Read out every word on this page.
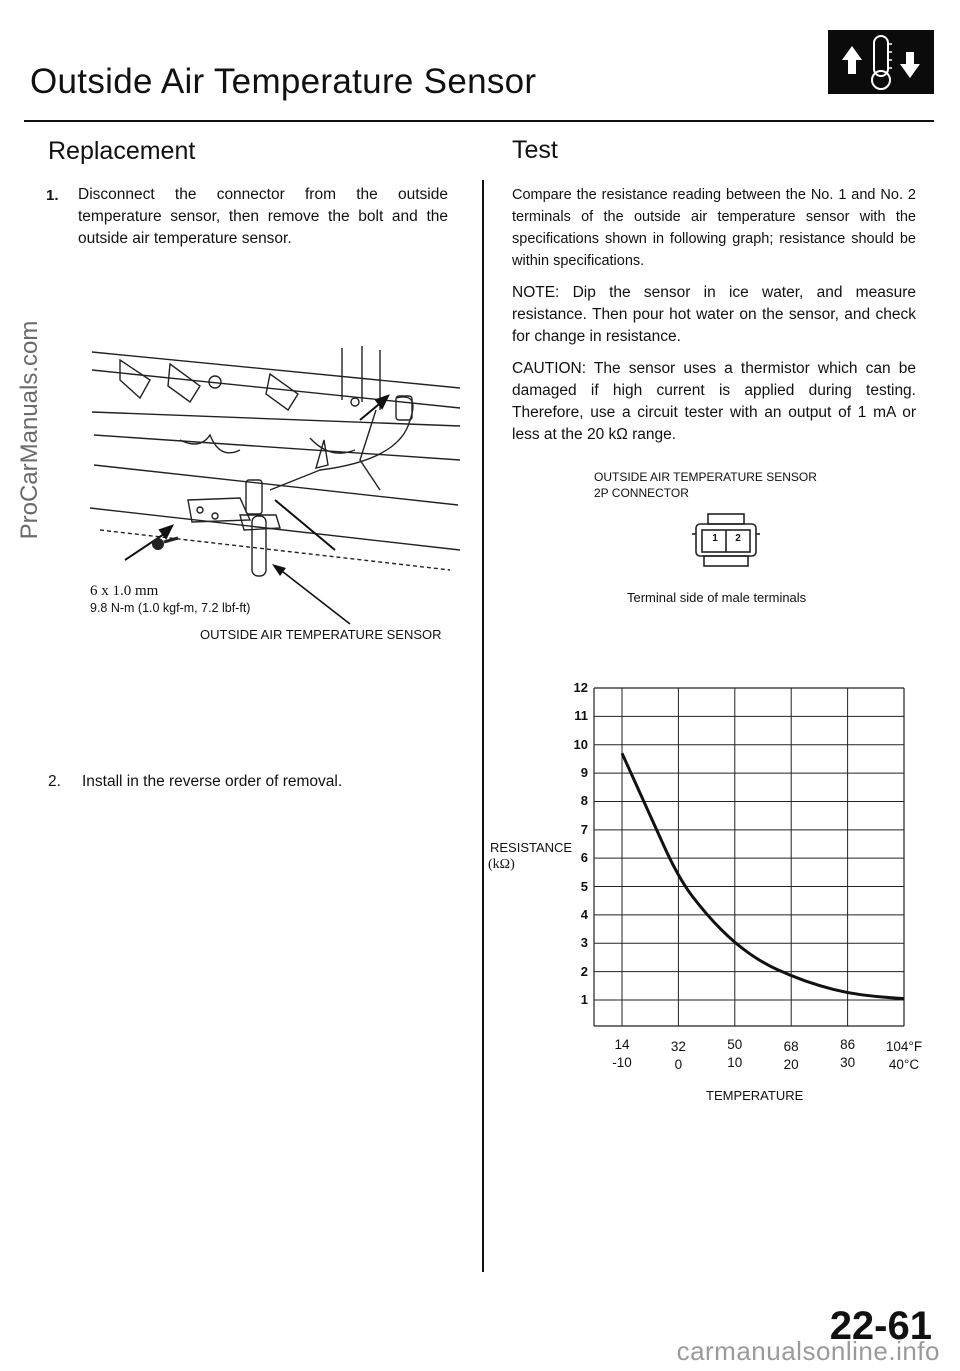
Outside Air Temperature Sensor
Replacement
1. Disconnect the connector from the outside temperature sensor, then remove the bolt and the outside air temperature sensor.
6 x 1.0 mm
9.8 N-m (1.0 kgf-m, 7.2 lbf-ft)
OUTSIDE AIR TEMPERATURE SENSOR
2. Install in the reverse order of removal.
Test
Compare the resistance reading between the No. 1 and No. 2 terminals of the outside air temperature sensor with the specifications shown in following graph; resistance should be within specifications.
NOTE: Dip the sensor in ice water, and measure resistance. Then pour hot water on the sensor, and check for change in resistance.
CAUTION: The sensor uses a thermistor which can be damaged if high current is applied during testing. Therefore, use a circuit tester with an output of 1 mA or less at the 20 kΩ range.
OUTSIDE AIR TEMPERATURE SENSOR
2P CONNECTOR
1	2
Terminal side of male terminals
12
11
10
9
8
7
6
5
4
3
2
1
14
-10
32
0
50
10
68
20
86
30
104°F
40°C
RESISTANCE
(kΩ)
TEMPERATURE
ProCarManuals.com
22-61
carmanualsonline.info
